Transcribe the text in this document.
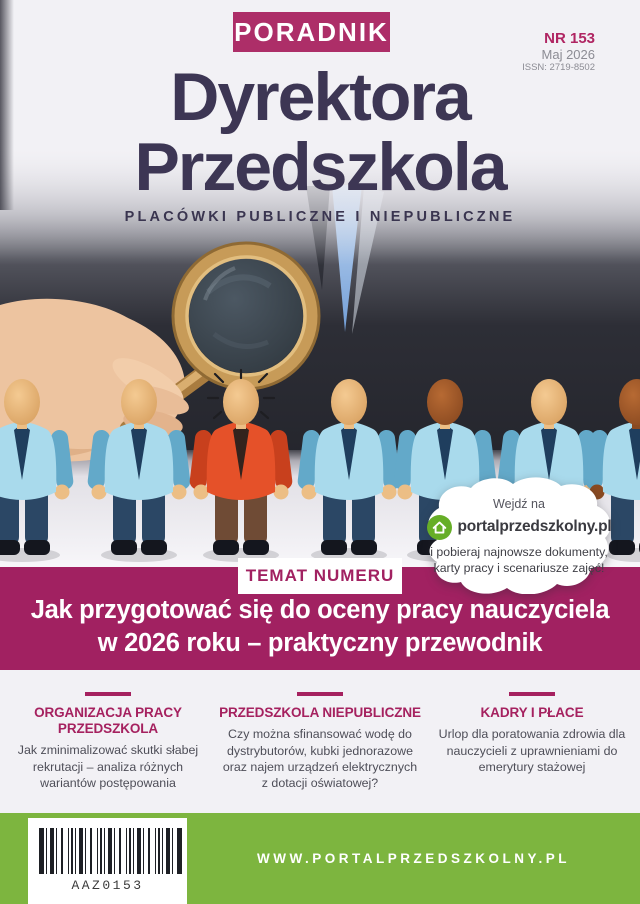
PORADNIK	NR 153
Maj 2026
ISSN: 2719-8502
Dyrektora
Przedszkola
PLACÓWKI PUBLICZNE I NIEPUBLICZNE
Wejdź na
portalprzedszkolny.pl
i pobieraj najnowsze dokumenty,
karty pracy i scenariusze zajęć!
TEMAT NUMERU
Jak przygotować się do oceny pracy nauczyciela
w 2026 roku – praktyczny przewodnik
ORGANIZACJA PRACY PRZEDSZKOLA
Jak zminimalizować skutki słabej rekrutacji – analiza różnych wariantów postępowania
PRZEDSZKOLA NIEPUBLICZNE
Czy można sfinansować wodę do dystrybutorów, kubki jednorazowe oraz najem urządzeń elektrycznych z dotacji oświatowej?
KADRY I PŁACE
Urlop dla poratowania zdrowia dla nauczycieli z uprawnieniami do emerytury stażowej
AAZ0153
WWW.PORTALPRZEDSZKOLNY.PL
